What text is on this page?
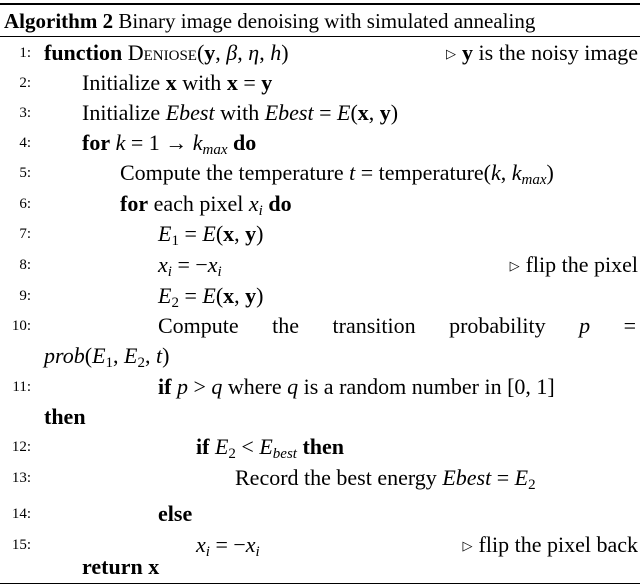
Algorithm 2 Binary image denoising with simulated annealing
1: function Deniose(y, β, η, h)	▷ y is the noisy image
2: Initialize x with x = y
3: Initialize Ebest with Ebest = E(x, y)
4: for $k = 1 \to k_{max}$ do
5:	Compute the temperature t = temperature(k, $k_{max}$)
6:	for each pixel $x_i$ do
7:	$E_1 = E(x$, y)
8:	$x_i = -x_i$	▷ flip the pixel
9:	$E_2 = E(x$, y)
10:	Compute the transition probability p =
$prob(E_1$, $E_2$, t)
11:	if p > q where q is a random number in [0, 1]
then
12:	if $E_2 < E_{best}$ then
13:	Record the best energy Ebest = $E_2$
14:	else
15:	$x_i = -x_i$	▷ flip the pixel back
return x
